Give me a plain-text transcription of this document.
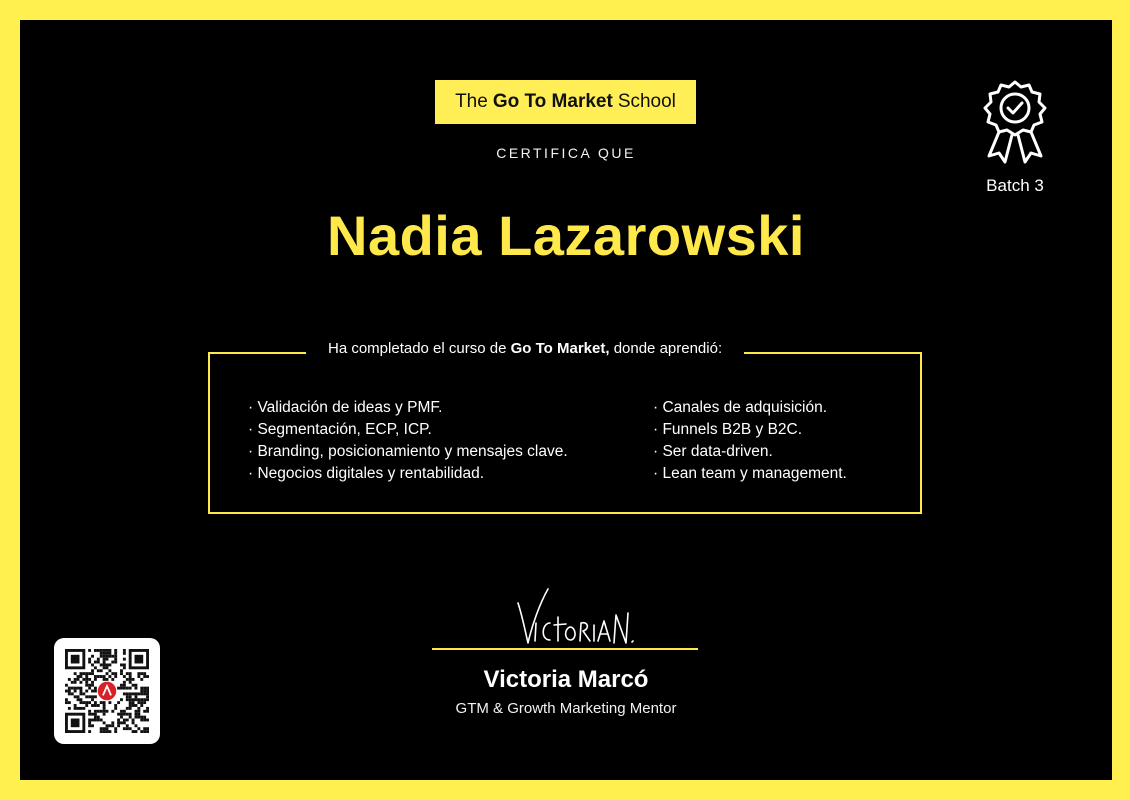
The Go To Market School
CERTIFICA QUE
Nadia Lazarowski
Batch 3
Ha completado el curso de Go To Market, donde aprendió:
· Validación de ideas y PMF.
· Segmentación, ECP, ICP.
· Branding, posicionamiento y mensajes clave.
· Negocios digitales y rentabilidad.
· Canales de adquisición.
· Funnels B2B y B2C.
· Ser data-driven.
· Lean team y management.
Victoria Marcó
GTM & Growth Marketing Mentor
